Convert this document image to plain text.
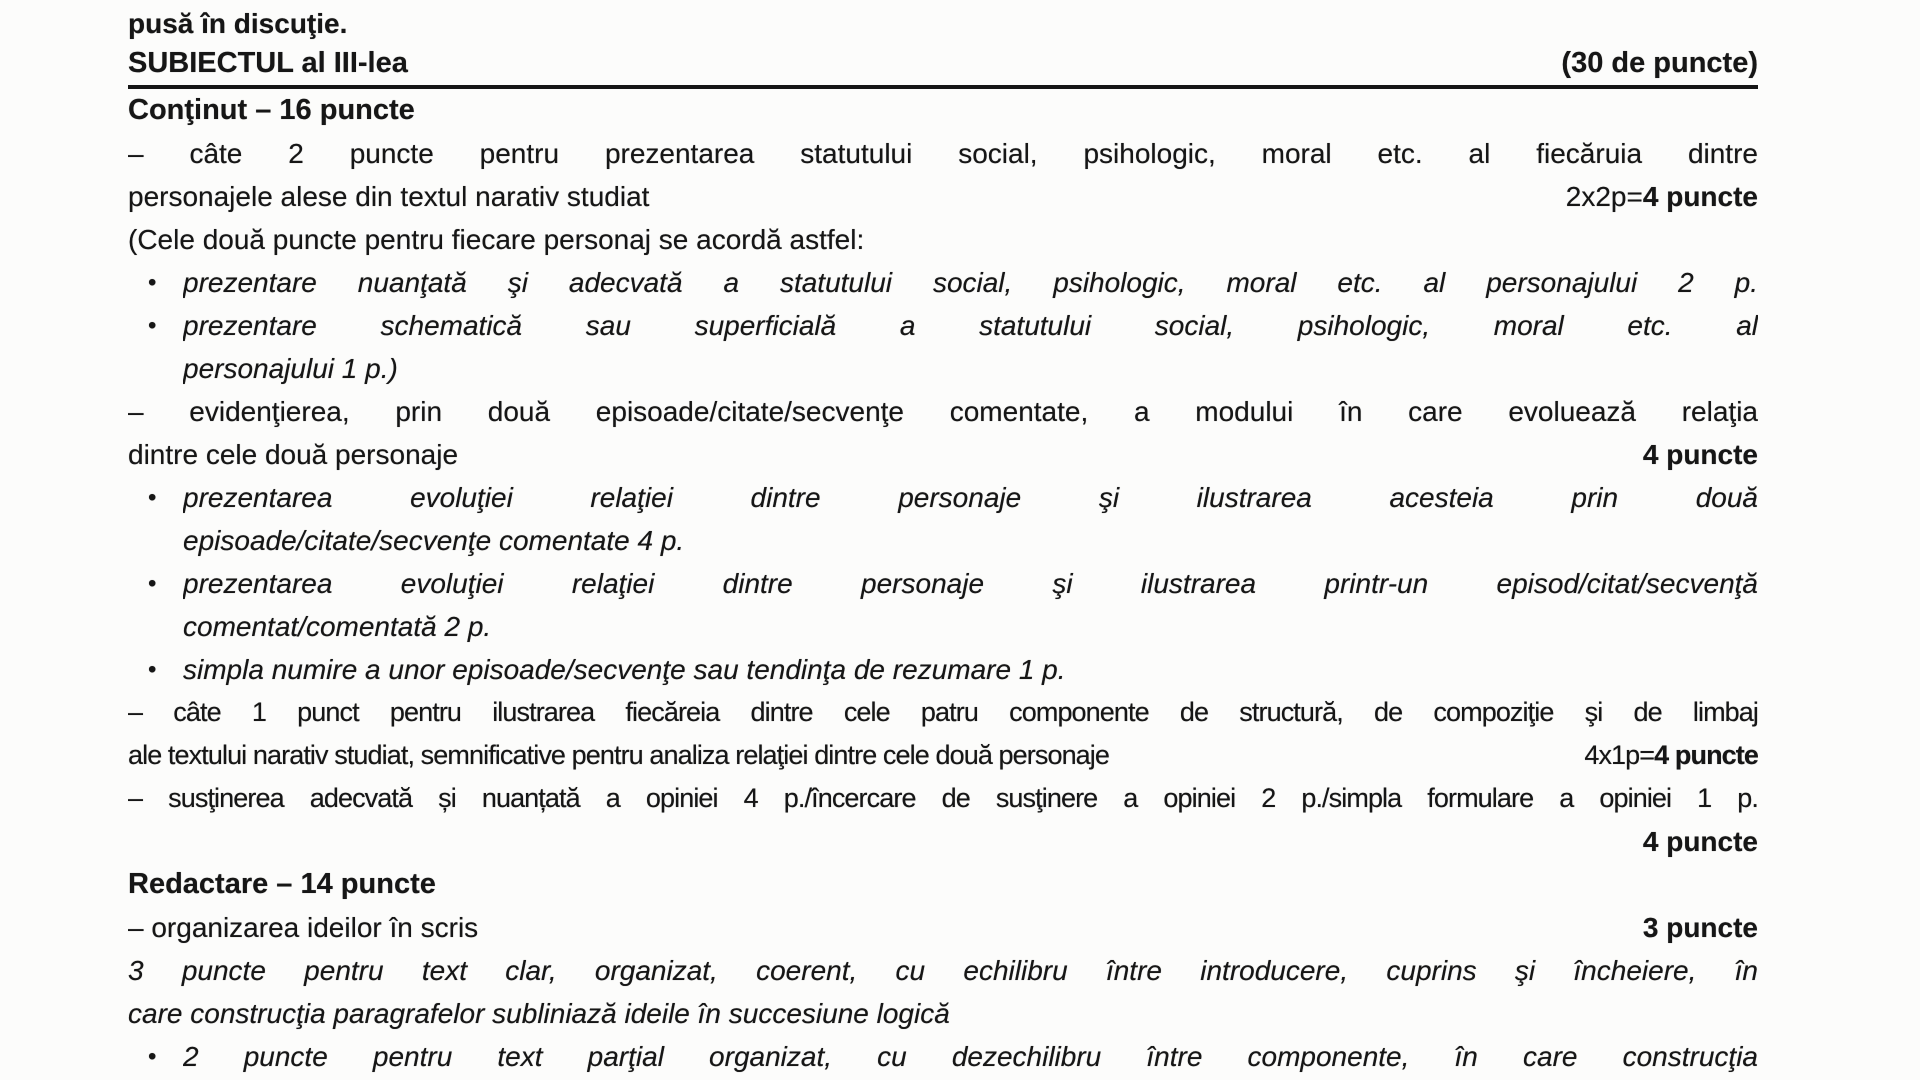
pusă în discuţie.

SUBIECTUL al III-lea	(30 de puncte)

Conţinut – 16 puncte

– câte 2 puncte pentru prezentarea statutului social, psihologic, moral etc. al fiecăruia dintre

personajele alese din textul narativ studiat	2x2p=4 puncte

(Cele două puncte pentru fiecare personaj se acordă astfel:

• prezentare nuanţată şi adecvată a statutului social, psihologic, moral etc. al personajului 2 p.
• prezentare schematică sau superficială a statutului social, psihologic, moral etc. al
personajului 1 p.)

– evidenţierea, prin două episoade/citate/secvenţe comentate, a modului în care evoluează relaţia

dintre cele două personaje	4 puncte
• prezentarea evoluţiei relaţiei dintre personaje şi ilustrarea acesteia prin două
episoade/citate/secvenţe comentate 4 p.
• prezentarea evoluţiei relaţiei dintre personaje şi ilustrarea printr-un episod/citat/secvenţă
comentat/comentată 2 p.
• simpla numire a unor episoade/secvenţe sau tendinţa de rezumare 1 p.

– câte 1 punct pentru ilustrarea fiecăreia dintre cele patru componente de structură, de compoziţie şi de limbaj

ale textului narativ studiat, semnificative pentru analiza relaţiei dintre cele două personaje	4x1p=4 puncte

– susţinerea adecvată și nuanțată a opiniei 4 p./încercare de susţinere a opiniei 2 p./simpla formulare a opiniei 1 p.

4 puncte

Redactare – 14 puncte

– organizarea ideilor în scris	3 puncte

3 puncte pentru text clar, organizat, coerent, cu echilibru între introducere, cuprins şi încheiere, în

care construcţia paragrafelor subliniază ideile în succesiune logică

• 2 puncte pentru text parţial organizat, cu dezechilibru între componente, în care construcţia
